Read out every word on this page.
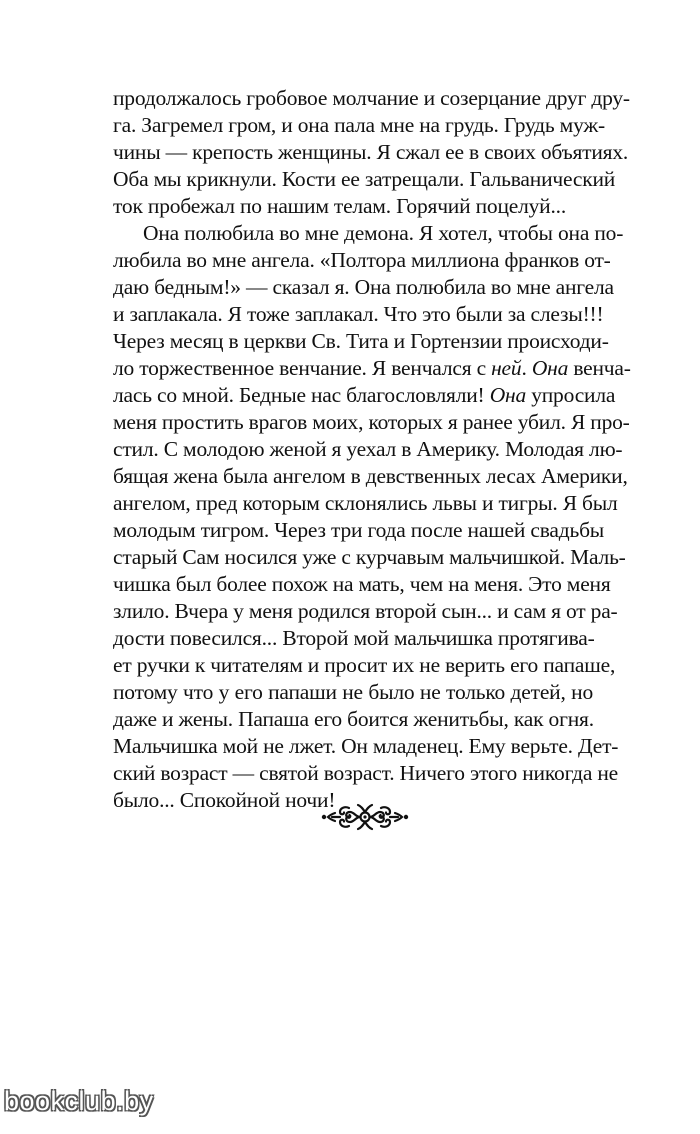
продолжалось гробовое молчание и созерцание друг дру-
га. Загремел гром, и она пала мне на грудь. Грудь муж-
чины — крепость женщины. Я сжал ее в своих объятиях.
Оба мы крикнули. Кости ее затрещали. Гальванический
ток пробежал по нашим телам. Горячий поцелуй...
Она полюбила во мне демона. Я хотел, чтобы она по-
любила во мне ангела. «Полтора миллиона франков от-
даю бедным!» — сказал я. Она полюбила во мне ангела
и заплакала. Я тоже заплакал. Что это были за слезы!!!
Через месяц в церкви Св. Тита и Гортензии происходи-
ло торжественное венчание. Я венчался с ней. Она венча-
лась со мной. Бедные нас благословляли! Она упросила
меня простить врагов моих, которых я ранее убил. Я про-
стил. С молодою женой я уехал в Америку. Молодая лю-
бящая жена была ангелом в девственных лесах Америки,
ангелом, пред которым склонялись львы и тигры. Я был
молодым тигром. Через три года после нашей свадьбы
старый Сам носился уже с курчавым мальчишкой. Маль-
чишка был более похож на мать, чем на меня. Это меня
злило. Вчера у меня родился второй сын... и сам я от ра-
дости повесился... Второй мой мальчишка протягива-
ет ручки к читателям и просит их не верить его папаше,
потому что у его папаши не было не только детей, но
даже и жены. Папаша его боится женитьбы, как огня.
Мальчишка мой не лжет. Он младенец. Ему верьте. Дет-
ский возраст — святой возраст. Ничего этого никогда не
было... Спокойной ночи!
bookclub.by
